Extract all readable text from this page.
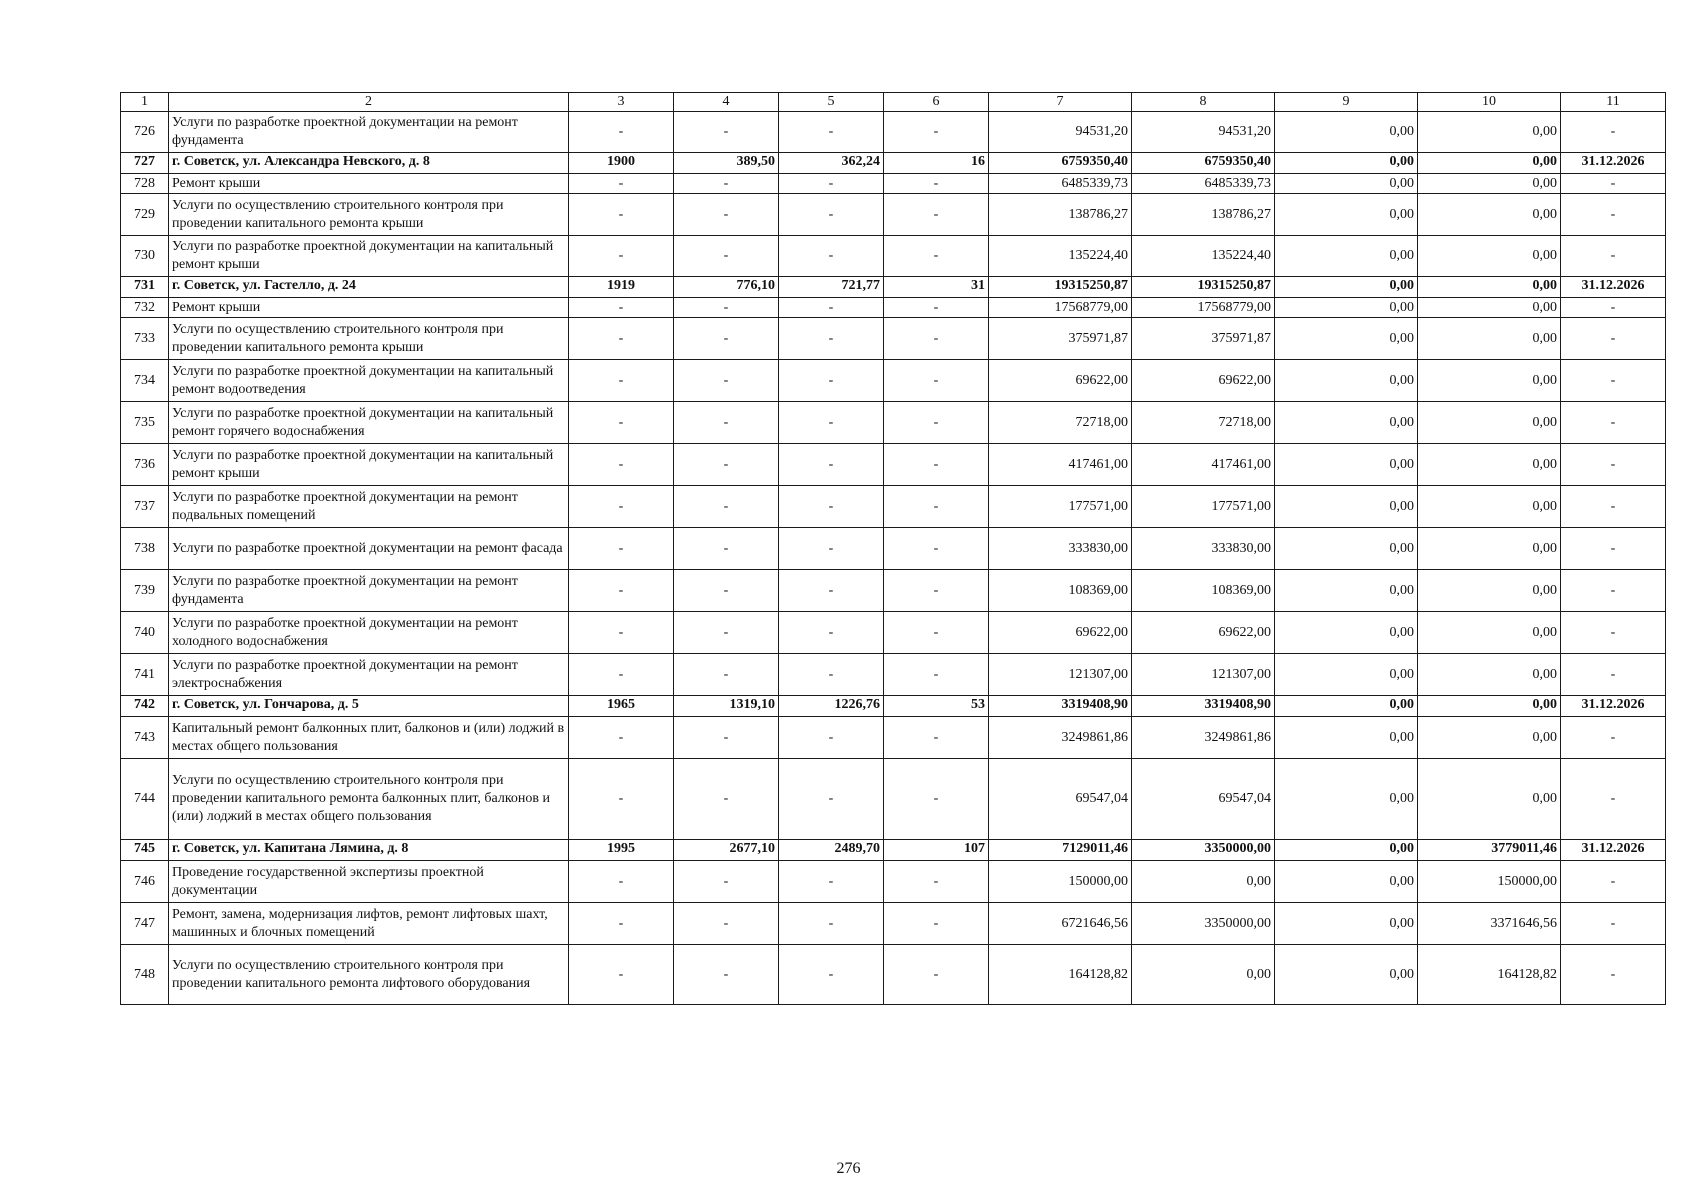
1	2	3	4	5	6	7	8	9	10	11
726	Услуги по разработке проектной документации на ремонт фундамента	-	-	-	-	94531,20	94531,20	0,00	0,00	-
727	г. Советск, ул. Александра Невского, д. 8	1900	389,50	362,24	16	6759350,40	6759350,40	0,00	0,00	31.12.2026
728	Ремонт крыши	-	-	-	-	6485339,73	6485339,73	0,00	0,00	-
729	Услуги по осуществлению строительного контроля при проведении капитального ремонта крыши	-	-	-	-	138786,27	138786,27	0,00	0,00	-
730	Услуги по разработке проектной документации на капитальный ремонт крыши	-	-	-	-	135224,40	135224,40	0,00	0,00	-
731	г. Советск, ул. Гастелло, д. 24	1919	776,10	721,77	31	19315250,87	19315250,87	0,00	0,00	31.12.2026
732	Ремонт крыши	-	-	-	-	17568779,00	17568779,00	0,00	0,00	-
733	Услуги по осуществлению строительного контроля при проведении капитального ремонта крыши	-	-	-	-	375971,87	375971,87	0,00	0,00	-
734	Услуги по разработке проектной документации на капитальный ремонт водоотведения	-	-	-	-	69622,00	69622,00	0,00	0,00	-
735	Услуги по разработке проектной документации на капитальный ремонт горячего водоснабжения	-	-	-	-	72718,00	72718,00	0,00	0,00	-
736	Услуги по разработке проектной документации на капитальный ремонт крыши	-	-	-	-	417461,00	417461,00	0,00	0,00	-
737	Услуги по разработке проектной документации на ремонт подвальных помещений	-	-	-	-	177571,00	177571,00	0,00	0,00	-
738	Услуги по разработке проектной документации на ремонт фасада	-	-	-	-	333830,00	333830,00	0,00	0,00	-
739	Услуги по разработке проектной документации на ремонт фундамента	-	-	-	-	108369,00	108369,00	0,00	0,00	-
740	Услуги по разработке проектной документации на ремонт холодного водоснабжения	-	-	-	-	69622,00	69622,00	0,00	0,00	-
741	Услуги по разработке проектной документации на ремонт электроснабжения	-	-	-	-	121307,00	121307,00	0,00	0,00	-
742	г. Советск, ул. Гончарова, д. 5	1965	1319,10	1226,76	53	3319408,90	3319408,90	0,00	0,00	31.12.2026
743	Капитальный ремонт балконных плит, балконов и (или) лоджий в местах общего пользования	-	-	-	-	3249861,86	3249861,86	0,00	0,00	-
744	Услуги по осуществлению строительного контроля при проведении капитального ремонта балконных плит, балконов и (или) лоджий в местах общего пользования	-	-	-	-	69547,04	69547,04	0,00	0,00	-
745	г. Советск, ул. Капитана Лямина, д. 8	1995	2677,10	2489,70	107	7129011,46	3350000,00	0,00	3779011,46	31.12.2026
746	Проведение государственной экспертизы проектной документации	-	-	-	-	150000,00	0,00	0,00	150000,00	-
747	Ремонт, замена, модернизация лифтов, ремонт лифтовых шахт, машинных и блочных помещений	-	-	-	-	6721646,56	3350000,00	0,00	3371646,56	-
748	Услуги по осуществлению строительного контроля при проведении капитального ремонта лифтового оборудования	-	-	-	-	164128,82	0,00	0,00	164128,82	-
276
